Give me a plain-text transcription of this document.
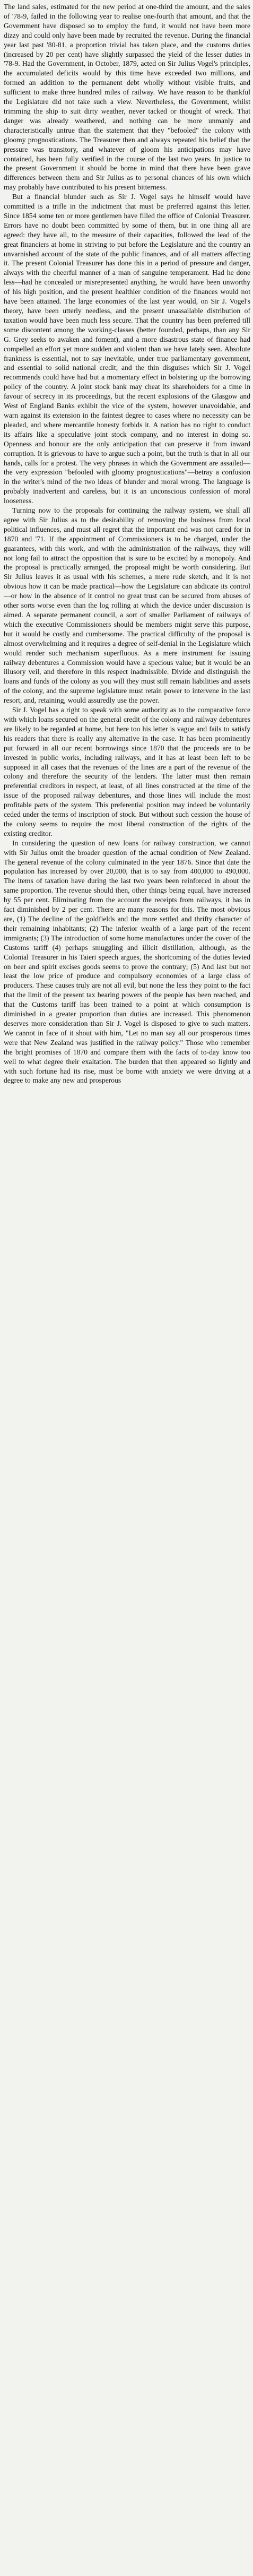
The land sales, estimated for the new period at one-third the amount, and the sales of '78-9, failed in the following year to realise one-fourth that amount, and that the Government have disposed so to employ the fund, it would not have been more dizzy and could only have been made by recruited the revenue. During the financial year last past '80-81, a proportion trivial has taken place, and the customs duties (increased by 20 per cent) have slightly surpassed the yield of the lesser duties in '78-9. Had the Government, in October, 1879, acted on Sir Julius Vogel's principles, the accumulated deficits would by this time have exceeded two millions, and formed an addition to the permanent debt wholly without visible fruits, and sufficient to make three hundred miles of railway. We have reason to be thankful the Legislature did not take such a view. Nevertheless, the Government, whilst trimming the ship to suit dirty weather, never tacked or thought of wreck. That danger was already weathered, and nothing can be more unmanly and characteristically untrue than the statement that they "befooled" the colony with gloomy prognostications. The Treasurer then and always repeated his belief that the pressure was transitory, and whatever of gloom his anticipations may have contained, has been fully verified in the course of the last two years. In justice to the present Government it should be borne in mind that there have been grave differences between them and Sir Julius as to personal chances of his own which may probably have contributed to his present bitterness.

But a financial blunder such as Sir J. Vogel says he himself would have committed is a trifle in the indictment that must be preferred against this letter. Since 1854 some ten or more gentlemen have filled the office of Colonial Treasurer. Errors have no doubt been committed by some of them, but in one thing all are agreed: they have all, to the measure of their capacities, followed the lead of the great financiers at home in striving to put before the Legislature and the country an unvarnished account of the state of the public finances, and of all matters affecting it. The present Colonial Treasurer has done this in a period of pressure and danger, always with the cheerful manner of a man of sanguine temperament. Had he done less—had he concealed or misrepresented anything, he would have been unworthy of his high position, and the present healthier condition of the finances would not have been attained. The large economies of the last year would, on Sir J. Vogel's theory, have been utterly needless, and the present unassailable distribution of taxation would have been much less secure. That the country has been preferred till some discontent among the working-classes (better founded, perhaps, than any Sir G. Grey seeks to awaken and foment), and a more disastrous state of finance had compelled an effort yet more sudden and violent than we have lately seen. Absolute frankness is essential, not to say inevitable, under true parliamentary government, and essential to solid national credit; and the thin disguises which Sir J. Vogel recommends could have had but a momentary effect in bolstering up the borrowing policy of the country. A joint stock bank may cheat its shareholders for a time in favour of secrecy in its proceedings, but the recent explosions of the Glasgow and West of England Banks exhibit the vice of the system, however unavoidable, and warn against its extension in the faintest degree to cases where no necessity can be pleaded, and where mercantile honesty forbids it. A nation has no right to conduct its affairs like a speculative joint stock company, and no interest in doing so. Openness and honour are the only anticipation that can preserve it from inward corruption. It is grievous to have to argue such a point, but the truth is that in all our hands, calls for a protest. The very phrases in which the Government are assailed—the very expression "befooled with gloomy prognostications"—betray a confusion in the writer's mind of the two ideas of blunder and moral wrong. The language is probably inadvertent and careless, but it is an unconscious confession of moral looseness.

Turning now to the proposals for continuing the railway system, we shall all agree with Sir Julius as to the desirability of removing the business from local political influences, and must all regret that the important end was not cared for in 1870 and '71. If the appointment of Commissioners is to be charged, under the guarantees, with this work, and with the administration of the railways, they will not long fail to attract the opposition that is sure to be excited by a monopoly. And the proposal is practically arranged, the proposal might be worth considering. But Sir Julius leaves it as usual with his schemes, a mere rude sketch, and it is not obvious how it can be made practical—how the Legislature can abdicate its control—or how in the absence of it control no great trust can be secured from abuses of other sorts worse even than the log rolling at which the device under discussion is aimed. A separate permanent council, a sort of smaller Parliament of railways of which the executive Commissioners should be members might serve this purpose, but it would be costly and cumbersome. The practical difficulty of the proposal is almost overwhelming and it requires a degree of self-denial in the Legislature which would render such mechanism superfluous. As a mere instrument for issuing railway debentures a Commission would have a specious value; but it would be an illusory veil, and therefore in this respect inadmissible. Divide and distinguish the loans and funds of the colony as you will they must still remain liabilities and assets of the colony, and the supreme legislature must retain power to intervene in the last resort, and, retaining, would assuredly use the power.

Sir J. Vogel has a right to speak with some authority as to the comparative force with which loans secured on the general credit of the colony and railway debentures are likely to be regarded at home, but here too his letter is vague and fails to satisfy his readers that there is really any alternative in the case. It has been prominently put forward in all our recent borrowings since 1870 that the proceeds are to be invested in public works, including railways, and it has at least been left to be supposed in all cases that the revenues of the lines are a part of the revenue of the colony and therefore the security of the lenders. The latter must then remain preferential creditors in respect, at least, of all lines constructed at the time of the issue of the proposed railway debentures, and those lines will include the most profitable parts of the system. This preferential position may indeed be voluntarily ceded under the terms of inscription of stock. But without such cession the house of the colony seems to require the most liberal construction of the rights of the existing creditor.

In considering the question of new loans for railway construction, we cannot with Sir Julius omit the broader question of the actual condition of New Zealand. The general revenue of the colony culminated in the year 1876. Since that date the population has increased by over 20,000, that is to say from 400,000 to 490,000. The items of taxation have during the last two years been reinforced in about the same proportion. The revenue should then, other things being equal, have increased by 55 per cent. Eliminating from the account the receipts from railways, it has in fact diminished by 2 per cent. There are many reasons for this. The most obvious are, (1) The decline of the goldfields and the more settled and thrifty character of their remaining inhabitants; (2) The inferior wealth of a large part of the recent immigrants; (3) The introduction of some home manufactures under the cover of the Customs tariff (4) perhaps smuggling and illicit distillation, although, as the Colonial Treasurer in his Taieri speech argues, the shortcoming of the duties levied on beer and spirit excises goods seems to prove the contrary; (5) And last but not least the low price of produce and compulsory economies of a large class of producers. These causes truly are not all evil, but none the less they point to the fact that the limit of the present tax bearing powers of the people has been reached, and that the Customs tariff has been trained to a point at which consumption is diminished in a greater proportion than duties are increased. This phenomenon deserves more consideration than Sir J. Vogel is disposed to give to such matters. We cannot in face of it shout with him, "Let no man say all our prosperous times were that New Zealand was justified in the railway policy." Those who remember the bright promises of 1870 and compare them with the facts of to-day know too well to what degree their exaltation. The burden that then appeared so lightly and with such fortune had its rise, must be borne with anxiety we were driving at a degree to make any new and prosperous
